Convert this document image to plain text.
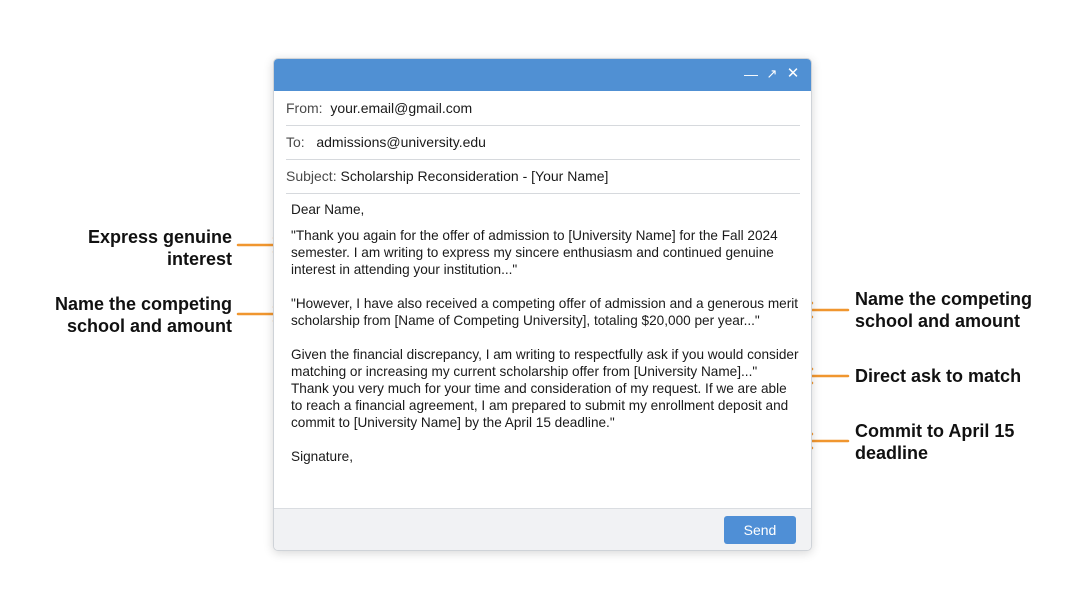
Express genuine
interest
Name the competing
school and amount
Name the competing
school and amount
Direct ask to match
Commit to April 15
deadline
— ↗ ✕
From: your.email@gmail.com
To: admissions@university.edu
Subject: Scholarship Reconsideration - [Your Name]

Dear Name,

"Thank you again for the offer of admission to [University Name] for the Fall 2024 semester. I am writing to express my sincere enthusiasm and continued genuine interest in attending your institution..."

"However, I have also received a competing offer of admission and a generous merit scholarship from [Name of Competing University], totaling $20,000 per year..."

Given the financial discrepancy, I am writing to respectfully ask if you would consider matching or increasing my current scholarship offer from [University Name]..."

Thank you very much for your time and consideration of my request. If we are able to reach a financial agreement, I am prepared to submit my enrollment deposit and commit to [University Name] by the April 15 deadline."

Signature,

Send
